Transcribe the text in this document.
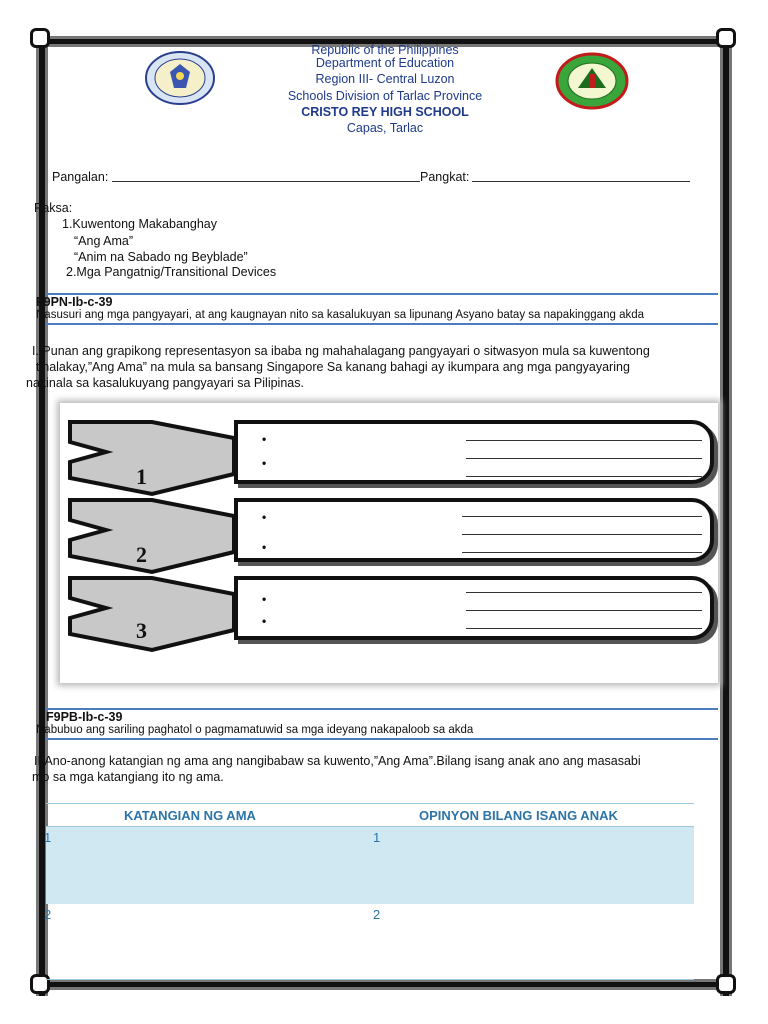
Republic of the Philippines
Department of Education
Region III- Central Luzon
Schools Division of Tarlac Province
CRISTO REY HIGH SCHOOL
Capas, Tarlac
Pangalan:	Pangkat:
Paksa:
1.Kuwentong Makabanghay
“Ang Ama”
“Anim na Sabado ng Beyblade”
2.Mga Pangatnig/Transitional Devices
F9PN-Ib-c-39
Nasusuri ang mga pangyayari, at ang kaugnayan nito sa kasalukuyan sa lipunang Asyano batay sa napakinggang akda
I. Punan ang grapikong representasyon sa ibaba ng mahahalagang pangyayari o sitwasyon mula sa kuwentong
tinalakay,”Ang Ama” na mula sa bansang Singapore Sa kanang bahagi ay ikumpara ang mga pangyayaring
nakinala sa kasalukuyang pangyayari sa Pilipinas.
1
•
•
2
•
•
3
•
•
F9PB-Ib-c-39
Nabubuo ang sariling paghatol o pagmamatuwid sa mga ideyang nakapaloob sa akda
II.Ano-anong katangian ng ama ang nangibabaw sa kuwento,”Ang Ama”.Bilang isang anak ano ang masasabi
mo sa mga katangiang ito ng ama.
KATANGIAN NG AMA	OPINYON BILANG ISANG ANAK
1	1
2	2
